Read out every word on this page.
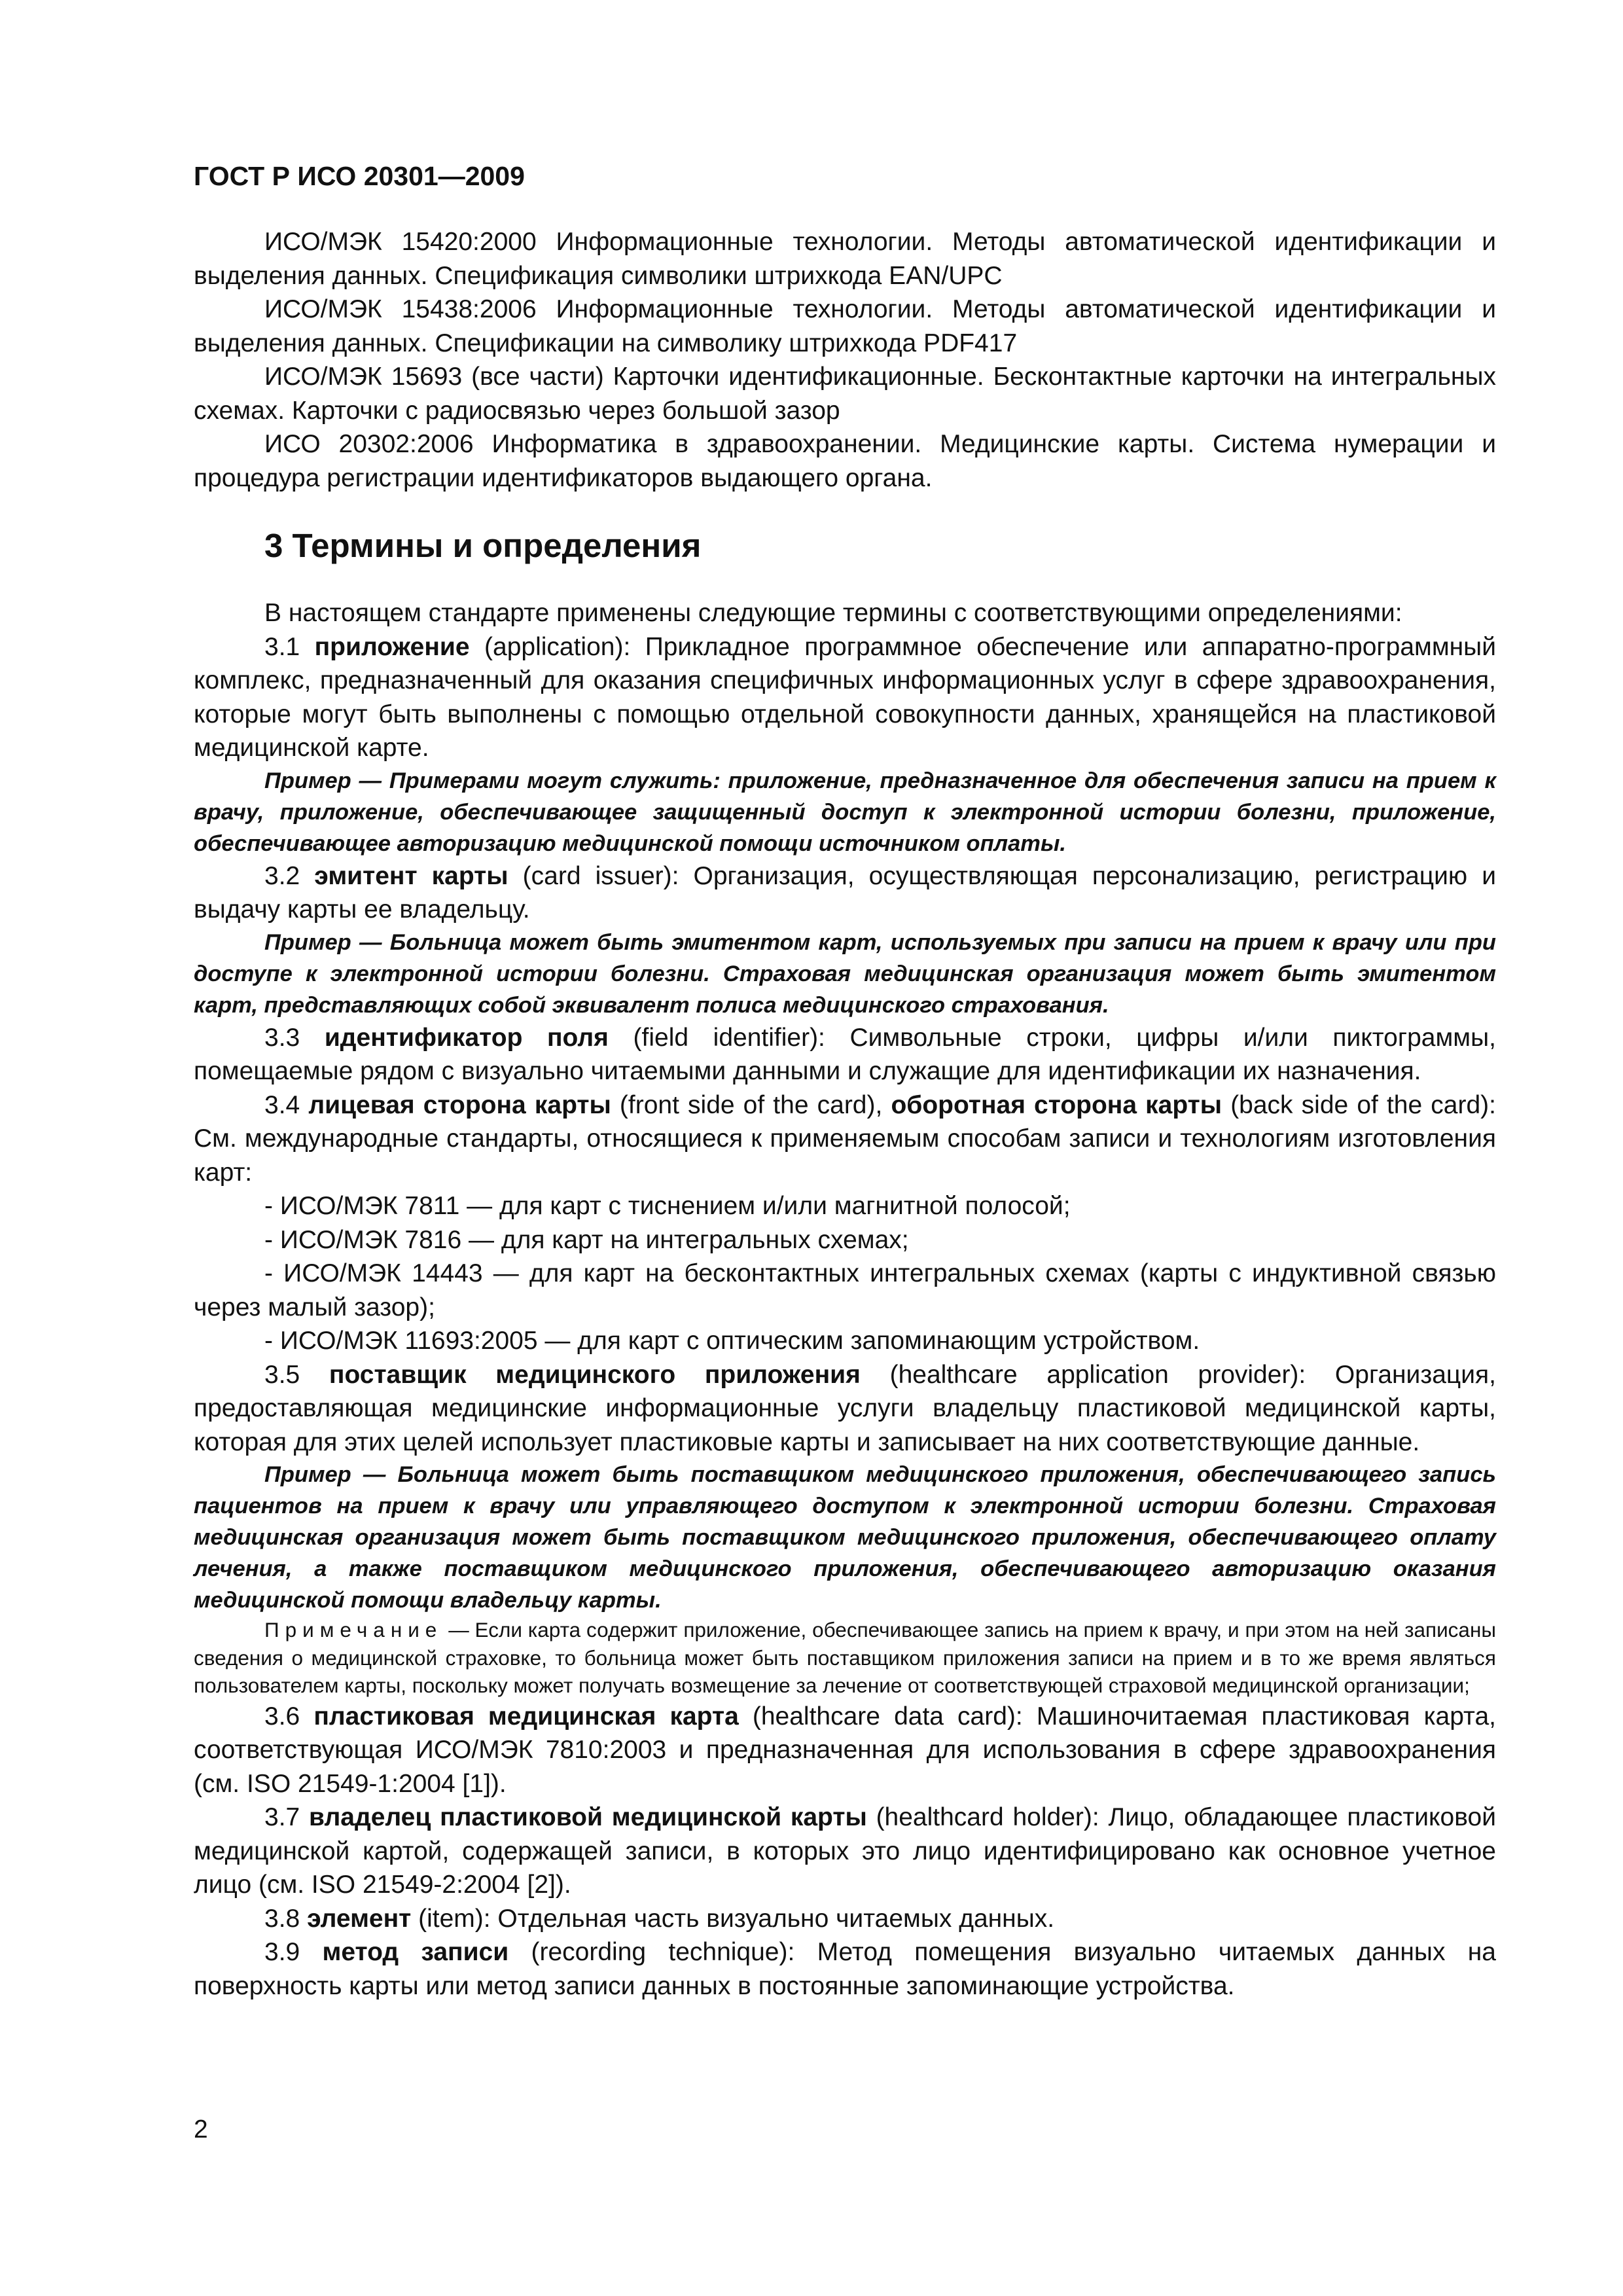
ГОСТ Р ИСО 20301—2009

ИСО/МЭК 15420:2000 Информационные технологии. Методы автоматической идентификации и выделения данных. Спецификация символики штрихкода EAN/UPC

ИСО/МЭК 15438:2006 Информационные технологии. Методы автоматической идентификации и выделения данных. Спецификации на символику штрихкода PDF417

ИСО/МЭК 15693 (все части) Карточки идентификационные. Бесконтактные карточки на интегральных схемах. Карточки с радиосвязью через большой зазор

ИСО 20302:2006 Информатика в здравоохранении. Медицинские карты. Система нумерации и процедура регистрации идентификаторов выдающего органа.

3 Термины и определения

В настоящем стандарте применены следующие термины с соответствующими определениями:

3.1 приложение (application): Прикладное программное обеспечение или аппаратно-программный комплекс, предназначенный для оказания специфичных информационных услуг в сфере здравоохранения, которые могут быть выполнены с помощью отдельной совокупности данных, хранящейся на пластиковой медицинской карте.

Пример — Примерами могут служить: приложение, предназначенное для обеспечения записи на прием к врачу, приложение, обеспечивающее защищенный доступ к электронной истории болезни, приложение, обеспечивающее авторизацию медицинской помощи источником оплаты.

3.2 эмитент карты (card issuer): Организация, осуществляющая персонализацию, регистрацию и выдачу карты ее владельцу.

Пример — Больница может быть эмитентом карт, используемых при записи на прием к врачу или при доступе к электронной истории болезни. Страховая медицинская организация может быть эмитентом карт, представляющих собой эквивалент полиса медицинского страхования.

3.3 идентификатор поля (field identifier): Символьные строки, цифры и/или пиктограммы, помещаемые рядом с визуально читаемыми данными и служащие для идентификации их назначения.

3.4 лицевая сторона карты (front side of the card), оборотная сторона карты (back side of the card): См. международные стандарты, относящиеся к применяемым способам записи и технологиям изготовления карт:

- ИСО/МЭК 7811 — для карт с тиснением и/или магнитной полосой;

- ИСО/МЭК 7816 — для карт на интегральных схемах;

- ИСО/МЭК 14443 — для карт на бесконтактных интегральных схемах (карты с индуктивной связью через малый зазор);

- ИСО/МЭК 11693:2005 — для карт с оптическим запоминающим устройством.

3.5 поставщик медицинского приложения (healthcare application provider): Организация, предоставляющая медицинские информационные услуги владельцу пластиковой медицинской карты, которая для этих целей использует пластиковые карты и записывает на них соответствующие данные.

Пример — Больница может быть поставщиком медицинского приложения, обеспечивающего запись пациентов на прием к врачу или управляющего доступом к электронной истории болезни. Страховая медицинская организация может быть поставщиком медицинского приложения, обеспечивающего оплату лечения, а также поставщиком медицинского приложения, обеспечивающего авторизацию оказания медицинской помощи владельцу карты.

Примечание — Если карта содержит приложение, обеспечивающее запись на прием к врачу, и при этом на ней записаны сведения о медицинской страховке, то больница может быть поставщиком приложения записи на прием и в то же время являться пользователем карты, поскольку может получать возмещение за лечение от соответствующей страховой медицинской организации;

3.6 пластиковая медицинская карта (healthcare data card): Машиночитаемая пластиковая карта, соответствующая ИСО/МЭК 7810:2003 и предназначенная для использования в сфере здравоохранения (см. ISO 21549-1:2004 [1]).

3.7 владелец пластиковой медицинской карты (healthcard holder): Лицо, обладающее пластиковой медицинской картой, содержащей записи, в которых это лицо идентифицировано как основное учетное лицо (см. ISO 21549-2:2004 [2]).

3.8 элемент (item): Отдельная часть визуально читаемых данных.

3.9 метод записи (recording technique): Метод помещения визуально читаемых данных на поверхность карты или метод записи данных в постоянные запоминающие устройства.

2
